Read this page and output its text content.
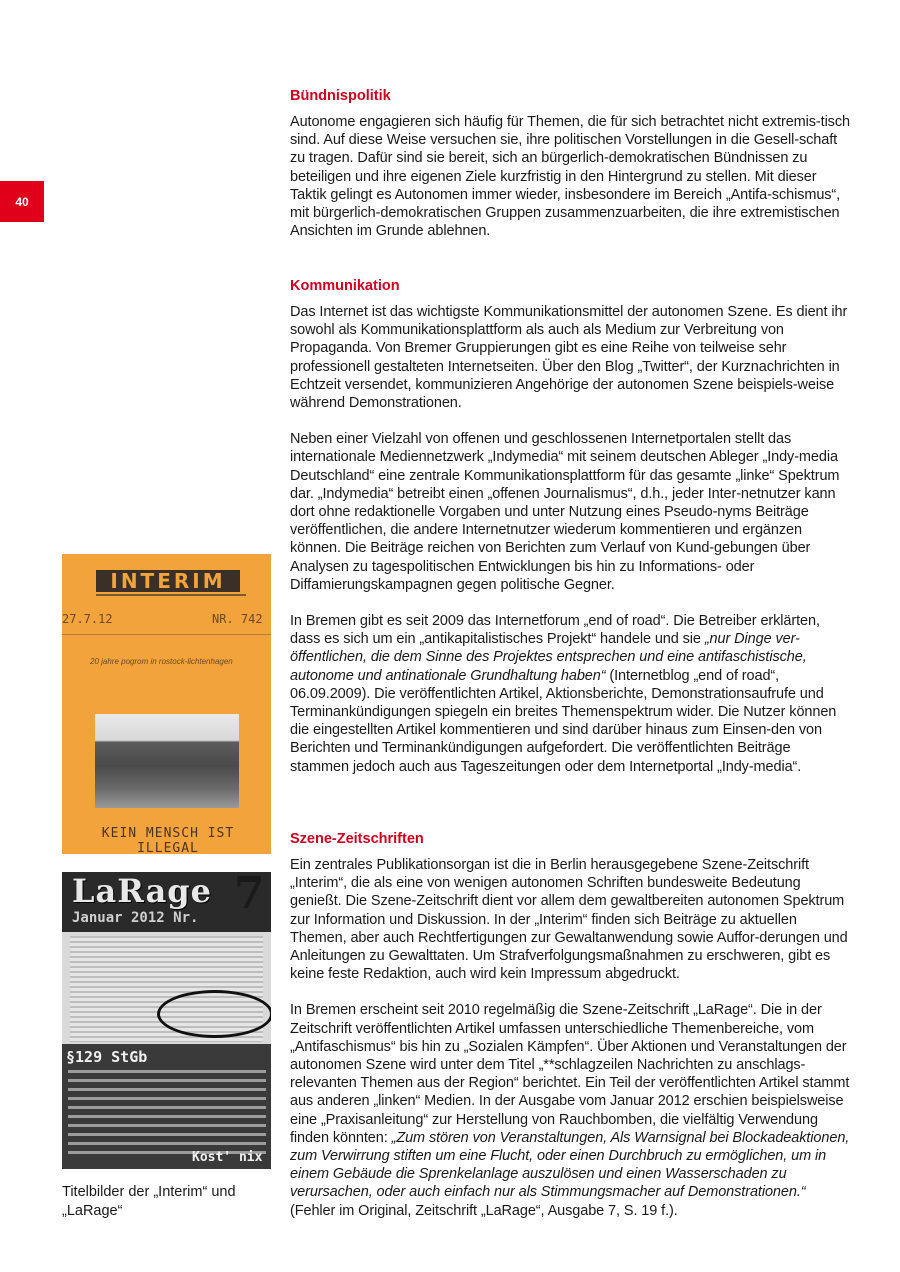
40
Bündnispolitik

Autonome engagieren sich häufig für Themen, die für sich betrachtet nicht extremis-tisch sind. Auf diese Weise versuchen sie, ihre politischen Vorstellungen in die Gesell-schaft zu tragen. Dafür sind sie bereit, sich an bürgerlich-demokratischen Bündnissen zu beteiligen und ihre eigenen Ziele kurzfristig in den Hintergrund zu stellen. Mit dieser Taktik gelingt es Autonomen immer wieder, insbesondere im Bereich „Antifa-schismus“, mit bürgerlich-demokratischen Gruppen zusammenzuarbeiten, die ihre extremistischen Ansichten im Grunde ablehnen.

Kommunikation

Das Internet ist das wichtigste Kommunikationsmittel der autonomen Szene. Es dient ihr sowohl als Kommunikationsplattform als auch als Medium zur Verbreitung von Propaganda. Von Bremer Gruppierungen gibt es eine Reihe von teilweise sehr professionell gestalteten Internetseiten. Über den Blog „Twitter“, der Kurznachrichten in Echtzeit versendet, kommunizieren Angehörige der autonomen Szene beispiels-weise während Demonstrationen.

Neben einer Vielzahl von offenen und geschlossenen Internetportalen stellt das internationale Mediennetzwerk „Indymedia“ mit seinem deutschen Ableger „Indy-media Deutschland“ eine zentrale Kommunikationsplattform für das gesamte „linke“ Spektrum dar. „Indymedia“ betreibt einen „offenen Journalismus“, d.h., jeder Inter-netnutzer kann dort ohne redaktionelle Vorgaben und unter Nutzung eines Pseudo-nyms Beiträge veröffentlichen, die andere Internetnutzer wiederum kommentieren und ergänzen können. Die Beiträge reichen von Berichten zum Verlauf von Kund-gebungen über Analysen zu tagespolitischen Entwicklungen bis hin zu Informations- oder Diffamierungskampagnen gegen politische Gegner.

In Bremen gibt es seit 2009 das Internetforum „end of road“. Die Betreiber erklärten, dass es sich um ein „antikapitalistisches Projekt“ handele und sie „nur Dinge ver-öffentlichen, die dem Sinne des Projektes entsprechen und eine antifaschistische, autonome und antinationale Grundhaltung haben“ (Internetblog „end of road“, 06.09.2009). Die veröffentlichten Artikel, Aktionsberichte, Demonstrationsaufrufe und Terminankündigungen spiegeln ein breites Themenspektrum wider. Die Nutzer können die eingestellten Artikel kommentieren und sind darüber hinaus zum Einsen-den von Berichten und Terminankündigungen aufgefordert. Die veröffentlichten Beiträge stammen jedoch auch aus Tageszeitungen oder dem Internetportal „Indy-media“.

Szene-Zeitschriften

Ein zentrales Publikationsorgan ist die in Berlin herausgegebene Szene-Zeitschrift „Interim“, die als eine von wenigen autonomen Schriften bundesweite Bedeutung genießt. Die Szene-Zeitschrift dient vor allem dem gewaltbereiten autonomen Spektrum zur Information und Diskussion. In der „Interim“ finden sich Beiträge zu aktuellen Themen, aber auch Rechtfertigungen zur Gewaltanwendung sowie Auffor-derungen und Anleitungen zu Gewalttaten. Um Strafverfolgungsmaßnahmen zu erschweren, gibt es keine feste Redaktion, auch wird kein Impressum abgedruckt.

In Bremen erscheint seit 2010 regelmäßig die Szene-Zeitschrift „LaRage“. Die in der Zeitschrift veröffentlichten Artikel umfassen unterschiedliche Themenbereiche, vom „Antifaschismus“ bis hin zu „Sozialen Kämpfen“. Über Aktionen und Veranstaltungen der autonomen Szene wird unter dem Titel „**schlagzeilen Nachrichten zu anschlags-relevanten Themen aus der Region“ berichtet. Ein Teil der veröffentlichten Artikel stammt aus anderen „linken“ Medien. In der Ausgabe vom Januar 2012 erschien beispielsweise eine „Praxisanleitung“ zur Herstellung von Rauchbomben, die vielfältig Verwendung finden könnten: „Zum stören von Veranstaltungen, Als Warnsignal bei Blockadeaktionen, zum Verwirrung stiften um eine Flucht, oder einen Durchbruch zu ermöglichen, um in einem Gebäude die Sprenkelanlage auszulösen und einen Wasserschaden zu verursachen, oder auch einfach nur als Stimmungsmacher auf Demonstrationen.“ (Fehler im Original, Zeitschrift „LaRage“, Ausgabe 7, S. 19 f.).

INTERIM
27.7.12	NR. 742
20 jahre pogrom in rostock-lichtenhagen
KEIN MENSCH IST ILLEGAL
LaRage 7
Januar 2012 Nr.
§129 StGb
Kost' nix
Titelbilder der „Interim“ und „LaRage“
